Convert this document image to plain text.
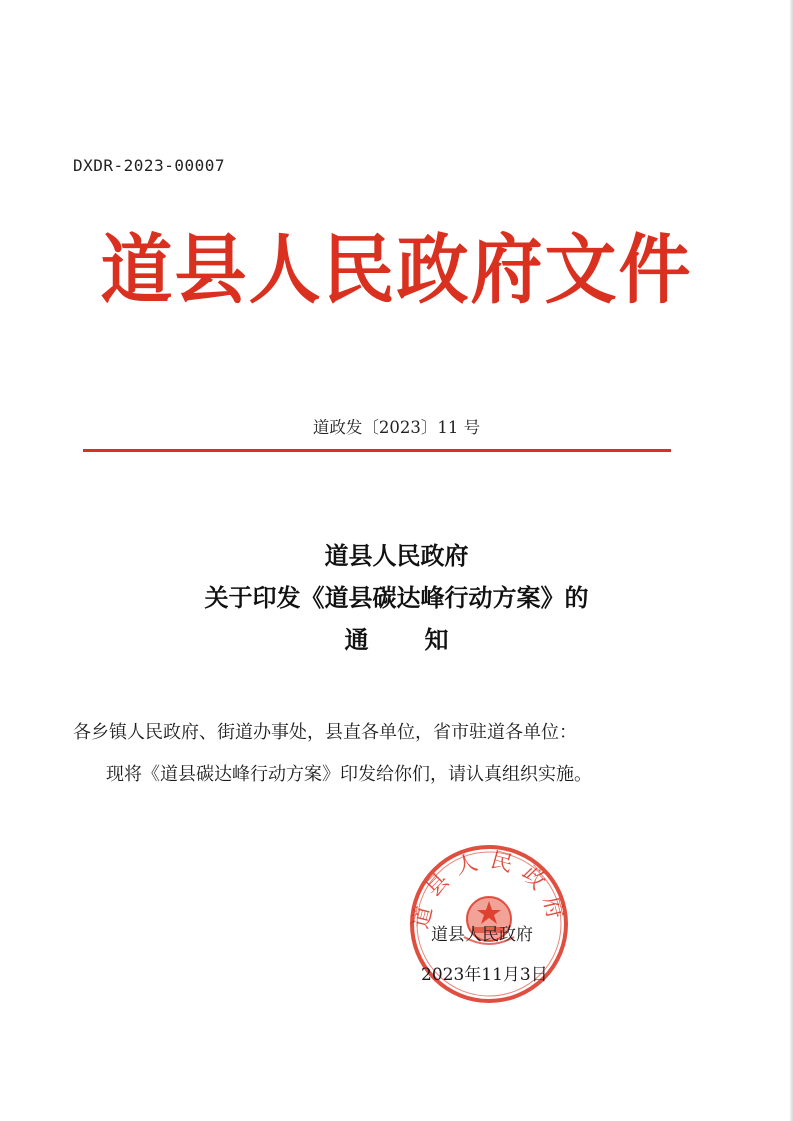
DXDR-2023-00007
道县人民政府文件
道政发〔2023〕11 号
道县人民政府
关于印发《道县碳达峰行动方案》的
通知
各乡镇人民政府、街道办事处，县直各单位，省市驻道各单位：
现将《道县碳达峰行动方案》印发给你们，请认真组织实施。
道县人民政府
道县人民政府
2023年11月3日
